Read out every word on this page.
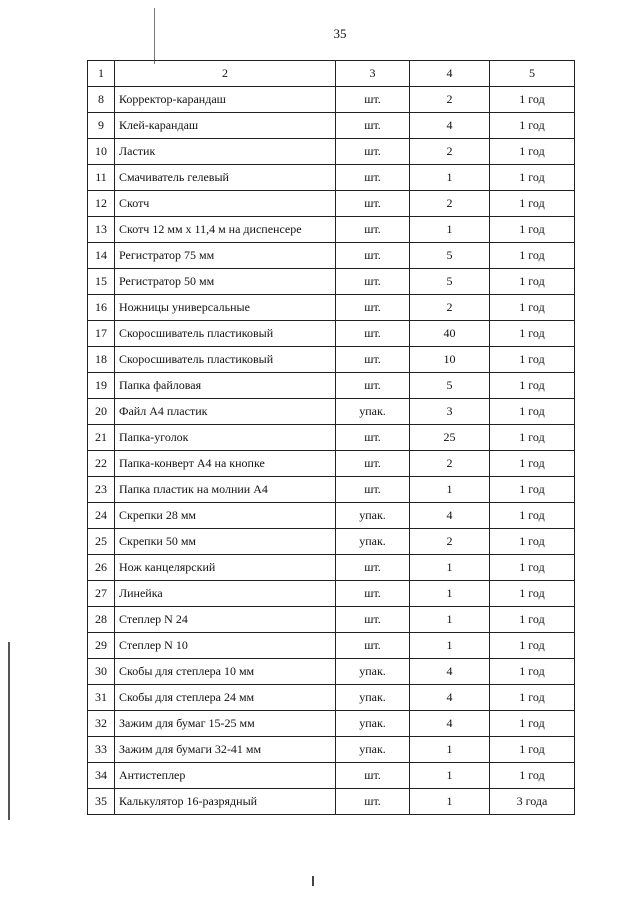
35
1	2	3	4	5
8	Корректор-карандаш	шт.	2	1 год
9	Клей-карандаш	шт.	4	1 год
10	Ластик	шт.	2	1 год
11	Смачиватель гелевый	шт.	1	1 год
12	Скотч	шт.	2	1 год
13	Скотч 12 мм х 11,4 м на диспенсере	шт.	1	1 год
14	Регистратор 75 мм	шт.	5	1 год
15	Регистратор 50 мм	шт.	5	1 год
16	Ножницы универсальные	шт.	2	1 год
17	Скоросшиватель пластиковый	шт.	40	1 год
18	Скоросшиватель пластиковый	шт.	10	1 год
19	Папка файловая	шт.	5	1 год
20	Файл А4 пластик	упак.	3	1 год
21	Папка-уголок	шт.	25	1 год
22	Папка-конверт А4 на кнопке	шт.	2	1 год
23	Папка пластик на молнии А4	шт.	1	1 год
24	Скрепки 28 мм	упак.	4	1 год
25	Скрепки 50 мм	упак.	2	1 год
26	Нож канцелярский	шт.	1	1 год
27	Линейка	шт.	1	1 год
28	Степлер N 24	шт.	1	1 год
29	Степлер N 10	шт.	1	1 год
30	Скобы для степлера 10 мм	упак.	4	1 год
31	Скобы для степлера 24 мм	упак.	4	1 год
32	Зажим для бумаг 15-25 мм	упак.	4	1 год
33	Зажим для бумаги 32-41 мм	упак.	1	1 год
34	Антистеплер	шт.	1	1 год
35	Калькулятор 16-разрядный	шт.	1	3 года
